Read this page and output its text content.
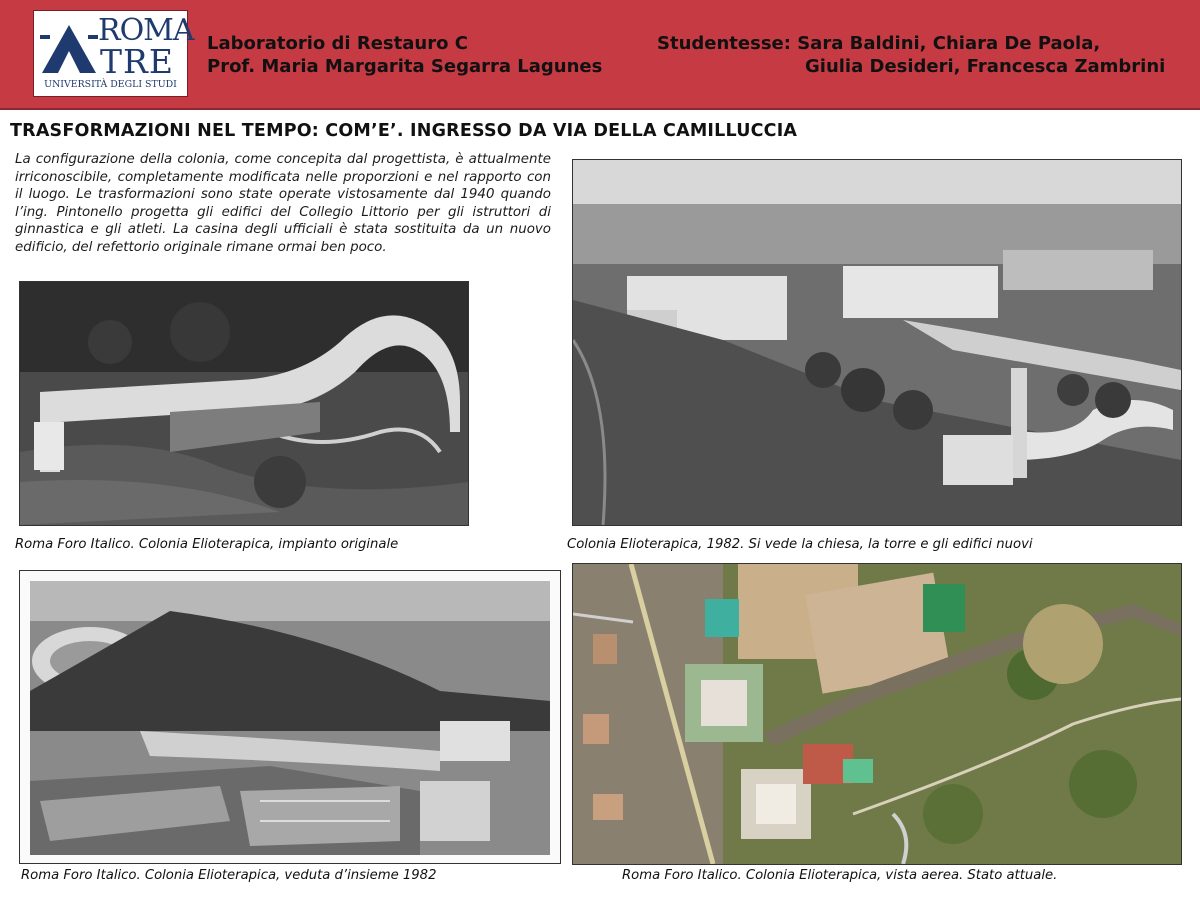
ROMA
TRE
UNIVERSITÀ DEGLI STUDI
Laboratorio di Restauro C
Prof. Maria Margarita Segarra Lagunes
Studentesse: Sara Baldini, Chiara De Paola,
Giulia Desideri, Francesca Zambrini
TRASFORMAZIONI NEL TEMPO: COM’E’. INGRESSO DA VIA DELLA CAMILLUCCIA
La configurazione della colonia, come concepita dal progettista, è attualmente irriconoscibile, completamente modificata nelle proporzioni e nel rapporto con il luogo. Le trasformazioni sono state operate vistosamente dal 1940 quando l’ing. Pintonello progetta gli edifici del Collegio Littorio per gli istruttori di ginnastica e gli atleti. La casina degli ufficiali è stata sostituita da un nuovo edificio, del refettorio originale rimane ormai ben poco.
Roma Foro Italico. Colonia Elioterapica, impianto originale	Colonia Elioterapica, 1982. Si vede la chiesa, la torre e gli edifici nuovi
Roma Foro Italico. Colonia Elioterapica, veduta d’insieme 1982	Roma Foro Italico. Colonia Elioterapica, vista aerea. Stato attuale.
